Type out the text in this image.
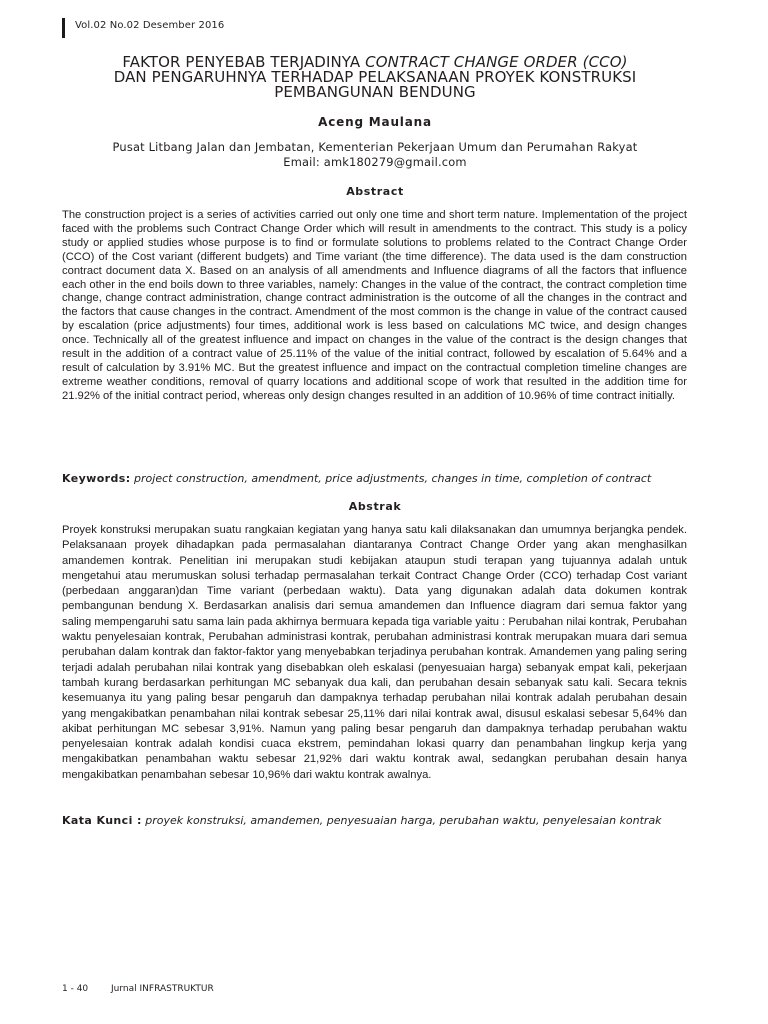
Vol.02 No.02 Desember 2016
FAKTOR PENYEBAB TERJADINYA CONTRACT CHANGE ORDER (CCO)
DAN PENGARUHNYA TERHADAP PELAKSANAAN PROYEK KONSTRUKSI
PEMBANGUNAN BENDUNG
Aceng Maulana
Pusat Litbang Jalan dan Jembatan, Kementerian Pekerjaan Umum dan Perumahan Rakyat
Email: amk180279@gmail.com
Abstract
The construction project is a series of activities carried out only one time and short term nature. Implementation of the project faced with the problems such Contract Change Order which will result in amendments to the contract. This study is a policy study or applied studies whose purpose is to find or formulate solutions to problems related to the Contract Change Order (CCO) of the Cost variant (different budgets) and Time variant (the time difference). The data used is the dam construction contract document data X. Based on an analysis of all amendments and Influence diagrams of all the factors that influence each other in the end boils down to three variables, namely: Changes in the value of the contract, the contract completion time change, change contract administration, change contract administration is the outcome of all the changes in the contract and the factors that cause changes in the contract. Amendment of the most common is the change in value of the contract caused by escalation (price adjustments) four times, additional work is less based on calculations MC twice, and design changes once. Technically all of the greatest influence and impact on changes in the value of the contract is the design changes that result in the addition of a contract value of 25.11% of the value of the initial contract, followed by escalation of 5.64% and a result of calculation by 3.91% MC. But the greatest influence and impact on the contractual completion timeline changes are extreme weather conditions, removal of quarry locations and additional scope of work that resulted in the addition time for 21.92% of the initial contract period, whereas only design changes resulted in an addition of 10.96% of time contract initially.
Keywords: project construction, amendment, price adjustments, changes in time, completion of contract
Abstrak
Proyek konstruksi merupakan suatu rangkaian kegiatan yang hanya satu kali dilaksanakan dan umumnya berjangka pendek. Pelaksanaan proyek dihadapkan pada permasalahan diantaranya Contract Change Order yang akan menghasilkan amandemen kontrak. Penelitian ini merupakan studi kebijakan ataupun studi terapan yang tujuannya adalah untuk mengetahui atau merumuskan solusi terhadap permasalahan terkait Contract Change Order (CCO) terhadap Cost variant (perbedaan anggaran)dan Time variant (perbedaan waktu). Data yang digunakan adalah data dokumen kontrak pembangunan bendung X. Berdasarkan analisis dari semua amandemen dan Influence diagram dari semua faktor yang saling mempengaruhi satu sama lain pada akhirnya bermuara kepada tiga variable yaitu : Perubahan nilai kontrak, Perubahan waktu penyelesaian kontrak, Perubahan administrasi kontrak, perubahan administrasi kontrak merupakan muara dari semua perubahan dalam kontrak dan faktor-faktor yang menyebabkan terjadinya perubahan kontrak. Amandemen yang paling sering terjadi adalah perubahan nilai kontrak yang disebabkan oleh eskalasi (penyesuaian harga) sebanyak empat kali, pekerjaan tambah kurang berdasarkan perhitungan MC sebanyak dua kali, dan perubahan desain sebanyak satu kali. Secara teknis kesemuanya itu yang paling besar pengaruh dan dampaknya terhadap perubahan nilai kontrak adalah perubahan desain yang mengakibatkan penambahan nilai kontrak sebesar 25,11% dari nilai kontrak awal, disusul eskalasi sebesar 5,64% dan akibat perhitungan MC sebesar 3,91%. Namun yang paling besar pengaruh dan dampaknya terhadap perubahan waktu penyelesaian kontrak adalah kondisi cuaca ekstrem, pemindahan lokasi quarry dan penambahan lingkup kerja yang mengakibatkan penambahan waktu sebesar 21,92% dari waktu kontrak awal, sedangkan perubahan desain hanya mengakibatkan penambahan sebesar 10,96% dari waktu kontrak awalnya.
Kata Kunci : proyek konstruksi, amandemen, penyesuaian harga, perubahan waktu, penyelesaian kontrak
1 - 40	Jurnal INFRASTRUKTUR
